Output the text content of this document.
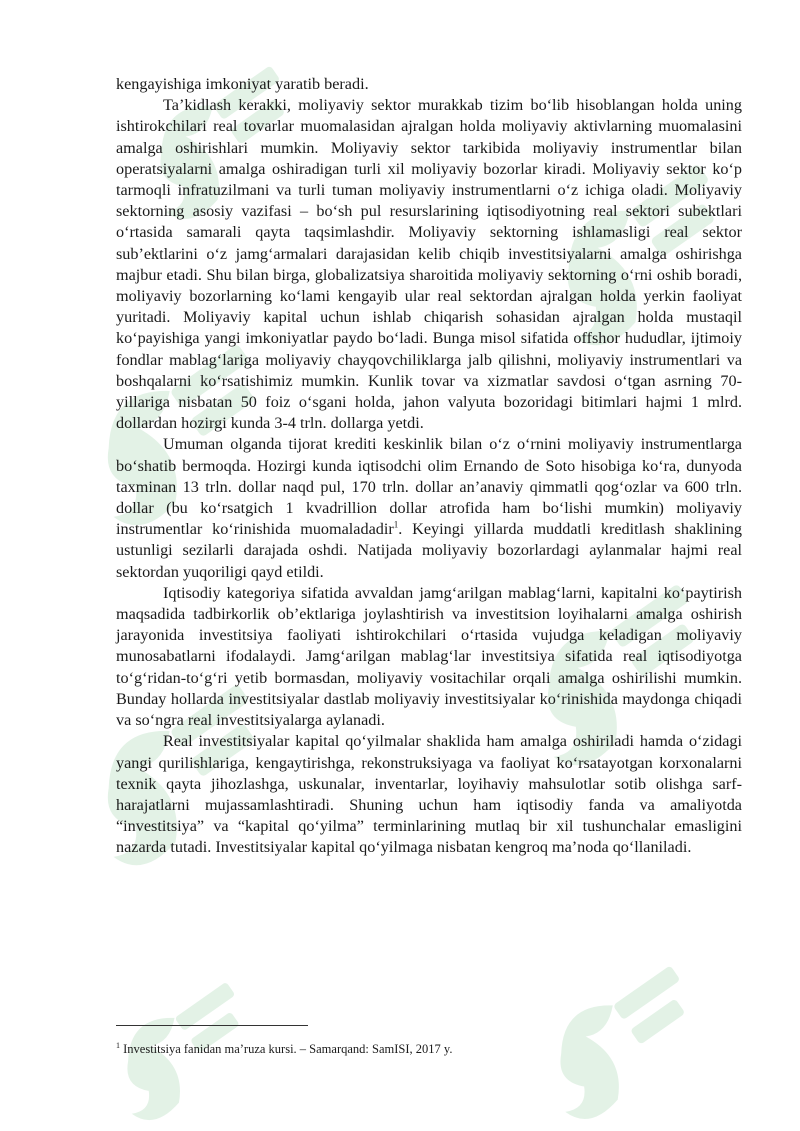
kengayishiga imkoniyat yaratib beradi.

Ta’kidlash kerakki, moliyaviy sektor murakkab tizim bo‘lib hisoblangan holda uning ishtirokchilari real tovarlar muomalasidan ajralgan holda moliyaviy aktivlarning muomalasini amalga oshirishlari mumkin. Moliyaviy sektor tarkibida moliyaviy instrumentlar bilan operatsiyalarni amalga oshiradigan turli xil moliyaviy bozorlar kiradi. Moliyaviy sektor ko‘p tarmoqli infratuzilmani va turli tuman moliyaviy instrumentlarni o‘z ichiga oladi. Moliyaviy sektorning asosiy vazifasi – bo‘sh pul resurslarining iqtisodiyotning real sektori subektlari o‘rtasida samarali qayta taqsimlashdir. Moliyaviy sektorning ishlamasligi real sektor sub’ektlarini o‘z jamg‘armalari darajasidan kelib chiqib investitsiyalarni amalga oshirishga majbur etadi. Shu bilan birga, globalizatsiya sharoitida moliyaviy sektorning o‘rni oshib boradi, moliyaviy bozorlarning ko‘lami kengayib ular real sektordan ajralgan holda yerkin faoliyat yuritadi. Moliyaviy kapital uchun ishlab chiqarish sohasidan ajralgan holda mustaqil ko‘payishiga yangi imkoniyatlar paydo bo‘ladi. Bunga misol sifatida offshor hududlar, ijtimoiy fondlar mablag‘lariga moliyaviy chayqovchiliklarga jalb qilishni, moliyaviy instrumentlari va boshqalarni ko‘rsatishimiz mumkin. Kunlik tovar va xizmatlar savdosi o‘tgan asrning 70-yillariga nisbatan 50 foiz o‘sgani holda, jahon valyuta bozoridagi bitimlari hajmi 1 mlrd. dollardan hozirgi kunda 3-4 trln. dollarga yetdi.

Umuman olganda tijorat krediti keskinlik bilan o‘z o‘rnini moliyaviy instrumentlarga bo‘shatib bermoqda. Hozirgi kunda iqtisodchi olim Ernando de Soto hisobiga ko‘ra, dunyoda taxminan 13 trln. dollar naqd pul, 170 trln. dollar an’anaviy qimmatli qog‘ozlar va 600 trln. dollar (bu ko‘rsatgich 1 kvadrillion dollar atrofida ham bo‘lishi mumkin) moliyaviy instrumentlar ko‘rinishida muomaladadir$^1$. Keyingi yillarda muddatli kreditlash shaklining ustunligi sezilarli darajada oshdi. Natijada moliyaviy bozorlardagi aylanmalar hajmi real sektordan yuqoriligi qayd etildi.

Iqtisodiy kategoriya sifatida avvaldan jamg‘arilgan mablag‘larni, kapitalni ko‘paytirish maqsadida tadbirkorlik ob’ektlariga joylashtirish va investitsion loyihalarni amalga oshirish jarayonida investitsiya faoliyati ishtirokchilari o‘rtasida vujudga keladigan moliyaviy munosabatlarni ifodalaydi. Jamg‘arilgan mablag‘lar investitsiya sifatida real iqtisodiyotga to‘g‘ridan-to‘g‘ri yetib bormasdan, moliyaviy vositachilar orqali amalga oshirilishi mumkin. Bunday hollarda investitsiyalar dastlab moliyaviy investitsiyalar ko‘rinishida maydonga chiqadi va so‘ngra real investitsiyalarga aylanadi.

Real investitsiyalar kapital qo‘yilmalar shaklida ham amalga oshiriladi hamda o‘zidagi yangi qurilishlariga, kengaytirishga, rekonstruksiyaga va faoliyat ko‘rsatayotgan korxonalarni texnik qayta jihozlashga, uskunalar, inventarlar, loyihaviy mahsulotlar sotib olishga sarf-harajatlarni mujassamlashtiradi. Shuning uchun ham iqtisodiy fanda va amaliyotda “investitsiya” va “kapital qo‘yilma” terminlarining mutlaq bir xil tushunchalar emasligini nazarda tutadi. Investitsiyalar kapital qo‘yilmaga nisbatan kengroq ma’noda qo‘llaniladi.

$^1$ Investitsiya fanidan ma’ruza kursi. – Samarqand: SamISI, 2017 y.
